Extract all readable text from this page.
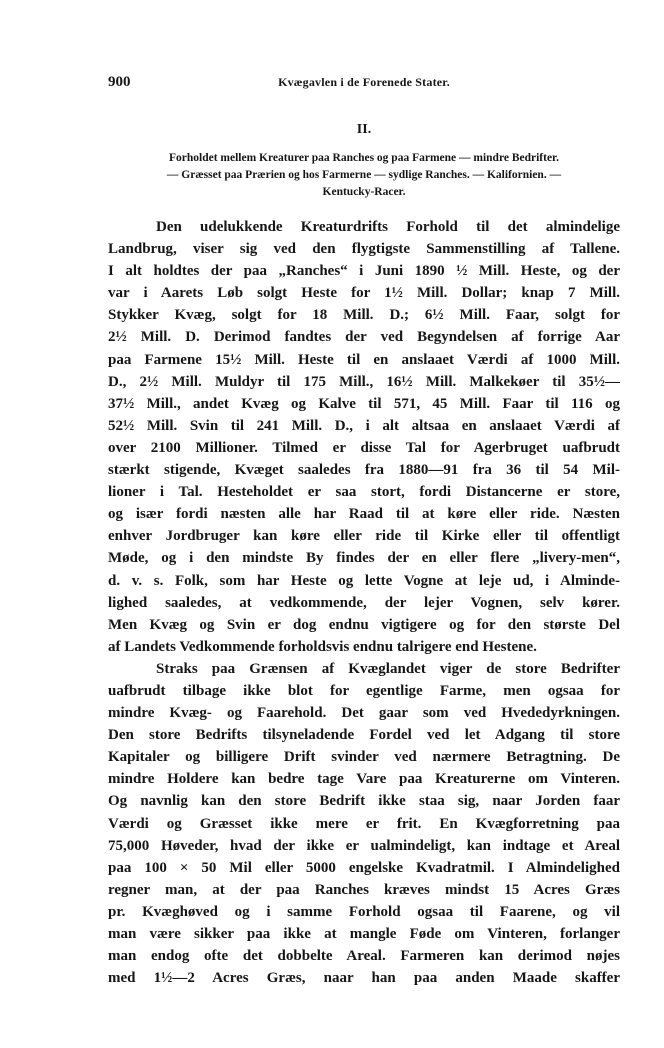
900	Kvægavlen i de Forenede Stater.
II.
Forholdet mellem Kreaturer paa Ranches og paa Farmene — mindre Bedrifter.
— Græsset paa Prærien og hos Farmerne — sydlige Ranches. — Kalifornien. —
Kentucky-Racer.
Den udelukkende Kreaturdrifts Forhold til det almindelige
Landbrug, viser sig ved den flygtigste Sammenstilling af Tallene.
I alt holdtes der paa „Ranches“ i Juni 1890 ½ Mill. Heste, og der
var i Aarets Løb solgt Heste for 1½ Mill. Dollar; knap 7 Mill.
Stykker Kvæg, solgt for 18 Mill. D.; 6½ Mill. Faar, solgt for
2½ Mill. D. Derimod fandtes der ved Begyndelsen af forrige Aar
paa Farmene 15½ Mill. Heste til en anslaaet Værdi af 1000 Mill.
D., 2½ Mill. Muldyr til 175 Mill., 16½ Mill. Malkekøer til 35½—
37½ Mill., andet Kvæg og Kalve til 571, 45 Mill. Faar til 116 og
52½ Mill. Svin til 241 Mill. D., i alt altsaa en anslaaet Værdi af
over 2100 Millioner. Tilmed er disse Tal for Agerbruget uafbrudt
stærkt stigende, Kvæget saaledes fra 1880—91 fra 36 til 54 Mil-
lioner i Tal. Hesteholdet er saa stort, fordi Distancerne er store,
og især fordi næsten alle har Raad til at køre eller ride. Næsten
enhver Jordbruger kan køre eller ride til Kirke eller til offentligt
Møde, og i den mindste By findes der en eller flere „livery-men“,
d. v. s. Folk, som har Heste og lette Vogne at leje ud, i Alminde-
lighed saaledes, at vedkommende, der lejer Vognen, selv kører.
Men Kvæg og Svin er dog endnu vigtigere og for den største Del
af Landets Vedkommende forholdsvis endnu talrigere end Hestene.
Straks paa Grænsen af Kvæglandet viger de store Bedrifter
uafbrudt tilbage ikke blot for egentlige Farme, men ogsaa for
mindre Kvæg- og Faarehold. Det gaar som ved Hvededyrkningen.
Den store Bedrifts tilsyneladende Fordel ved let Adgang til store
Kapitaler og billigere Drift svinder ved nærmere Betragtning. De
mindre Holdere kan bedre tage Vare paa Kreaturerne om Vinteren.
Og navnlig kan den store Bedrift ikke staa sig, naar Jorden faar
Værdi og Græsset ikke mere er frit. En Kvægforretning paa
75,000 Høveder, hvad der ikke er ualmindeligt, kan indtage et Areal
paa 100 × 50 Mil eller 5000 engelske Kvadratmil. I Almindelighed
regner man, at der paa Ranches kræves mindst 15 Acres Græs
pr. Kvæghøved og i samme Forhold ogsaa til Faarene, og vil
man være sikker paa ikke at mangle Føde om Vinteren, forlanger
man endog ofte det dobbelte Areal. Farmeren kan derimod nøjes
med 1½—2 Acres Græs, naar han paa anden Maade skaffer
